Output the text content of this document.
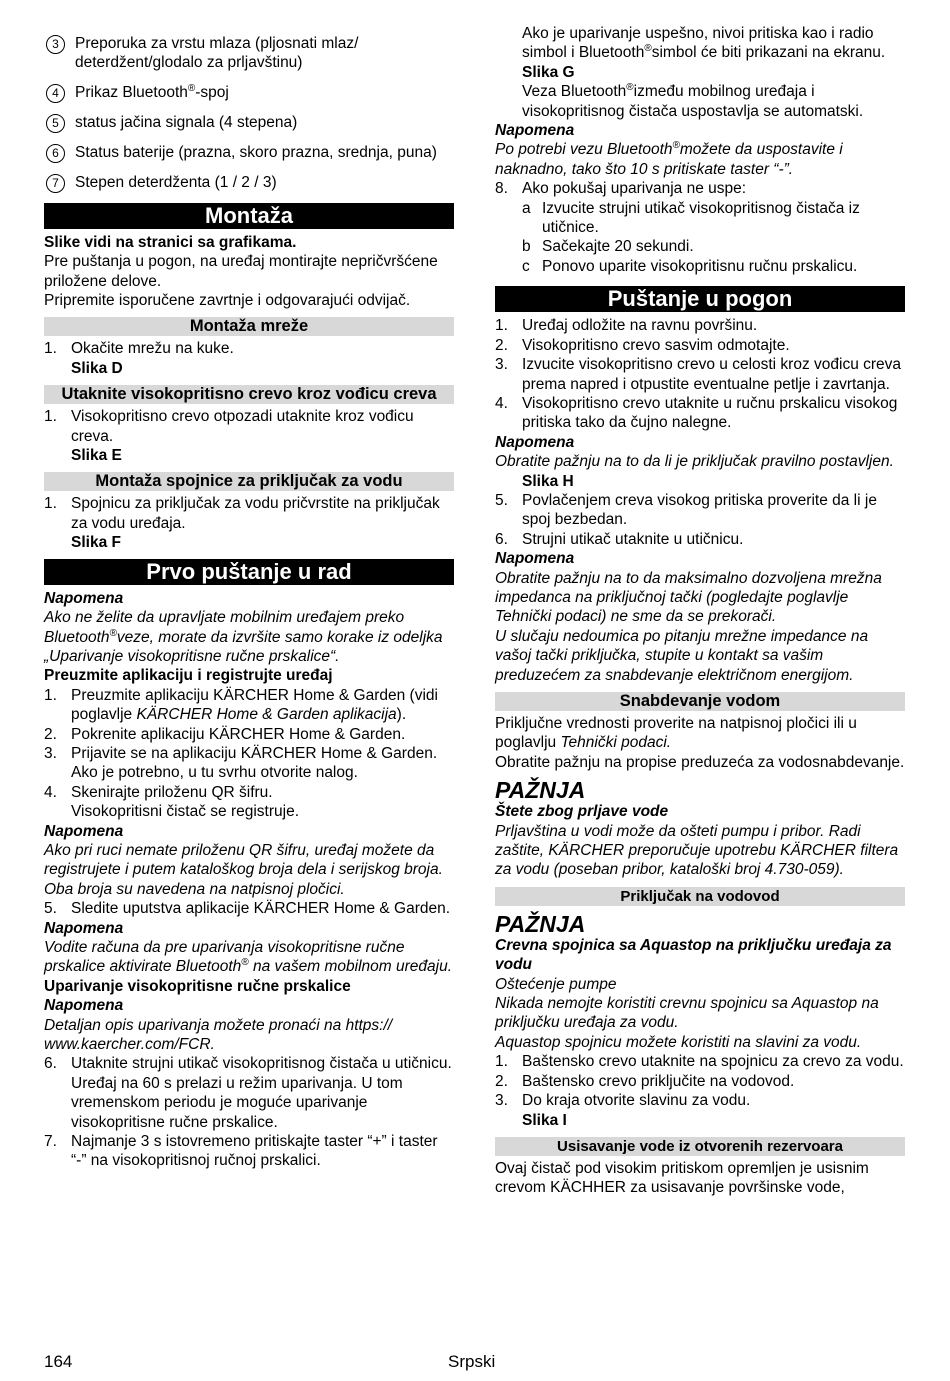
3	Preporuka za vrstu mlaza (pljosnati mlaz/ deterdžent/glodalo za prljavštinu)
4	Prikaz Bluetooth®-spoj
5	status jačina signala (4 stepena)
6	Status baterije (prazna, skoro prazna, srednja, puna)
7	Stepen deterdženta (1 / 2 / 3)
Montaža
Slike vidi na stranici sa grafikama.
Pre puštanja u pogon, na uređaj montirajte nepričvršćene priložene delove.
Pripremite isporučene zavrtnje i odgovarajući odvijač.
Montaža mreže
1. Okačite mrežu na kuke.
Slika D
Utaknite visokopritisno crevo kroz vođicu creva
1. Visokopritisno crevo otpozadi utaknite kroz vođicu creva.
Slika E
Montaža spojnice za priključak za vodu
1. Spojnicu za priključak za vodu pričvrstite na priključak za vodu uređaja.
Slika F
Prvo puštanje u rad
Napomena
Ako ne želite da upravljate mobilnim uređajem preko Bluetooth®veze, morate da izvršite samo korake iz odeljka „Uparivanje visokopritisne ručne prskalice“.
Preuzmite aplikaciju i registrujte uređaj
1. Preuzmite aplikaciju KÄRCHER Home & Garden (vidi poglavlje KÄRCHER Home & Garden aplikacija).
2. Pokrenite aplikaciju KÄRCHER Home & Garden.
3. Prijavite se na aplikaciju KÄRCHER Home & Garden. Ako je potrebno, u tu svrhu otvorite nalog.
4. Skenirajte priloženu QR šifru.
Visokopritisni čistač se registruje.
Napomena
Ako pri ruci nemate priloženu QR šifru, uređaj možete da registrujete i putem kataloškog broja dela i serijskog broja. Oba broja su navedena na natpisnoj pločici.
5. Sledite uputstva aplikacije KÄRCHER Home & Garden.
Napomena
Vodite računa da pre uparivanja visokopritisne ručne prskalice aktivirate Bluetooth® na vašem mobilnom uređaju.
Uparivanje visokopritisne ručne prskalice
Napomena
Detaljan opis uparivanja možete pronaći na https:// www.kaercher.com/FCR.
6. Utaknite strujni utikač visokopritisnog čistača u utičnicu.
Uređaj na 60 s prelazi u režim uparivanja. U tom vremenskom periodu je moguće uparivanje visokopritisne ručne prskalice.
7. Najmanje 3 s istovremeno pritiskajte taster “+” i taster “-” na visokopritisnoj ručnoj prskalici.
Ako je uparivanje uspešno, nivoi pritiska kao i radio simbol i Bluetooth®simbol će biti prikazani na ekranu.
Slika G
Veza Bluetooth®između mobilnog uređaja i visokopritisnog čistača uspostavlja se automatski.
Napomena
Po potrebi vezu Bluetooth®možete da uspostavite i naknadno, tako što 10 s pritiskate taster “-”.
8. Ako pokušaj uparivanja ne uspe:
a Izvucite strujni utikač visokopritisnog čistača iz utičnice.
b Sačekajte 20 sekundi.
c Ponovo uparite visokopritisnu ručnu prskalicu.
Puštanje u pogon
1. Uređaj odložite na ravnu površinu.
2. Visokopritisno crevo sasvim odmotajte.
3. Izvucite visokopritisno crevo u celosti kroz vođicu creva prema napred i otpustite eventualne petlje i zavrtanja.
4. Visokopritisno crevo utaknite u ručnu prskalicu visokog pritiska tako da čujno nalegne.
Napomena
Obratite pažnju na to da li je priključak pravilno postavljen.
Slika H
5. Povlačenjem creva visokog pritiska proverite da li je spoj bezbedan.
6. Strujni utikač utaknite u utičnicu.
Napomena
Obratite pažnju na to da maksimalno dozvoljena mrežna impedanca na priključnoj tački (pogledajte poglavlje Tehnički podaci) ne sme da se prekorači.
U slučaju nedoumica po pitanju mrežne impedance na vašoj tački priključka, stupite u kontakt sa vašim preduzećem za snabdevanje električnom energijom.
Snabdevanje vodom
Priključne vrednosti proverite na natpisnoj pločici ili u poglavlju Tehnički podaci.
Obratite pažnju na propise preduzeća za vodosnabdevanje.
PAŽNJA
Štete zbog prljave vode
Prljavština u vodi može da ošteti pumpu i pribor. Radi zaštite, KÄRCHER preporučuje upotrebu KÄRCHER filtera za vodu (poseban pribor, kataloški broj 4.730-059).
Priključak na vodovod
PAŽNJA
Crevna spojnica sa Aquastop na priključku uređaja za vodu
Oštećenje pumpe
Nikada nemojte koristiti crevnu spojnicu sa Aquastop na priključku uređaja za vodu.
Aquastop spojnicu možete koristiti na slavini za vodu.
1. Baštensko crevo utaknite na spojnicu za crevo za vodu.
2. Baštensko crevo priključite na vodovod.
3. Do kraja otvorite slavinu za vodu.
Slika I
Usisavanje vode iz otvorenih rezervoara
Ovaj čistač pod visokim pritiskom opremljen je usisnim crevom KÄCHHER za usisavanje površinske vode,
164	Srpski
